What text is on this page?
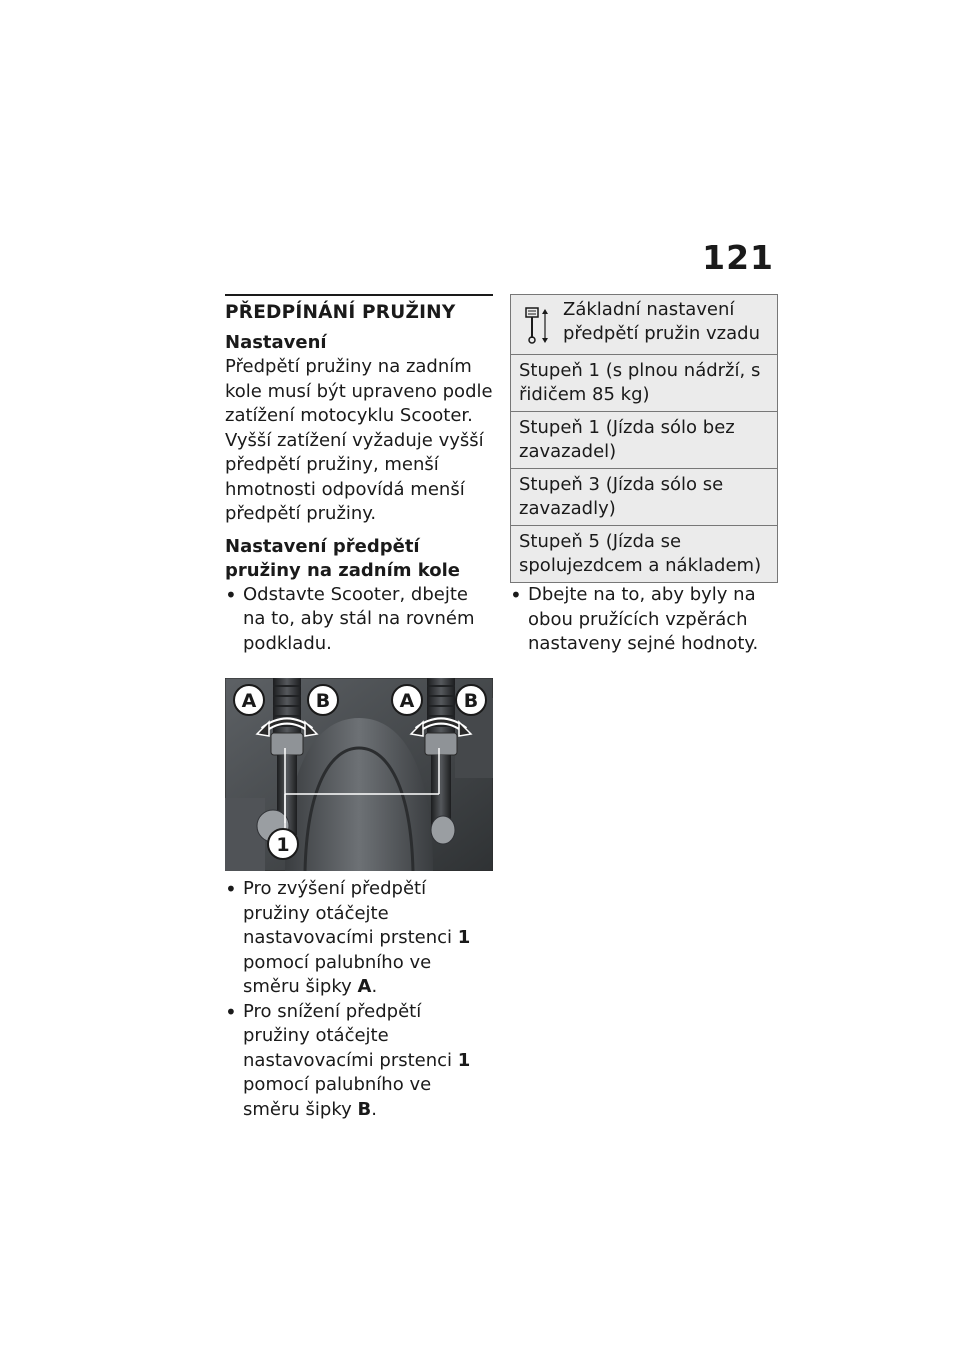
121
PŘEDPÍNÁNÍ PRUŽINY
Nastavení
Předpětí pružiny na zadním kole musí být upraveno podle zatížení motocyklu Scooter. Vyšší zatížení vyžaduje vyšší předpětí pružiny, menší hmotnosti odpovídá menší předpětí pružiny.
Nastavení předpětí pružiny na zadním kole
• Odstavte Scooter, dbejte na to, aby stál na rovném podkladu.
A	B	A	B
1
• Pro zvýšení předpětí pružiny otáčejte nastavovacími prstenci 1 pomocí palubního ve směru šipky A.
• Pro snížení předpětí pružiny otáčejte nastavovacími prstenci 1 pomocí palubního ve směru šipky B.
Základní nastavení předpětí pružin vzadu

Stupeň 1 (s plnou nádrží, s řidičem 85 kg)
Stupeň 1 (Jízda sólo bez zavazadel)
Stupeň 3 (Jízda sólo se zavazadly)
Stupeň 5 (Jízda se spolujezdcem a nákladem)
• Dbejte na to, aby byly na obou pružících vzpěrách nastaveny sejné hodnoty.
